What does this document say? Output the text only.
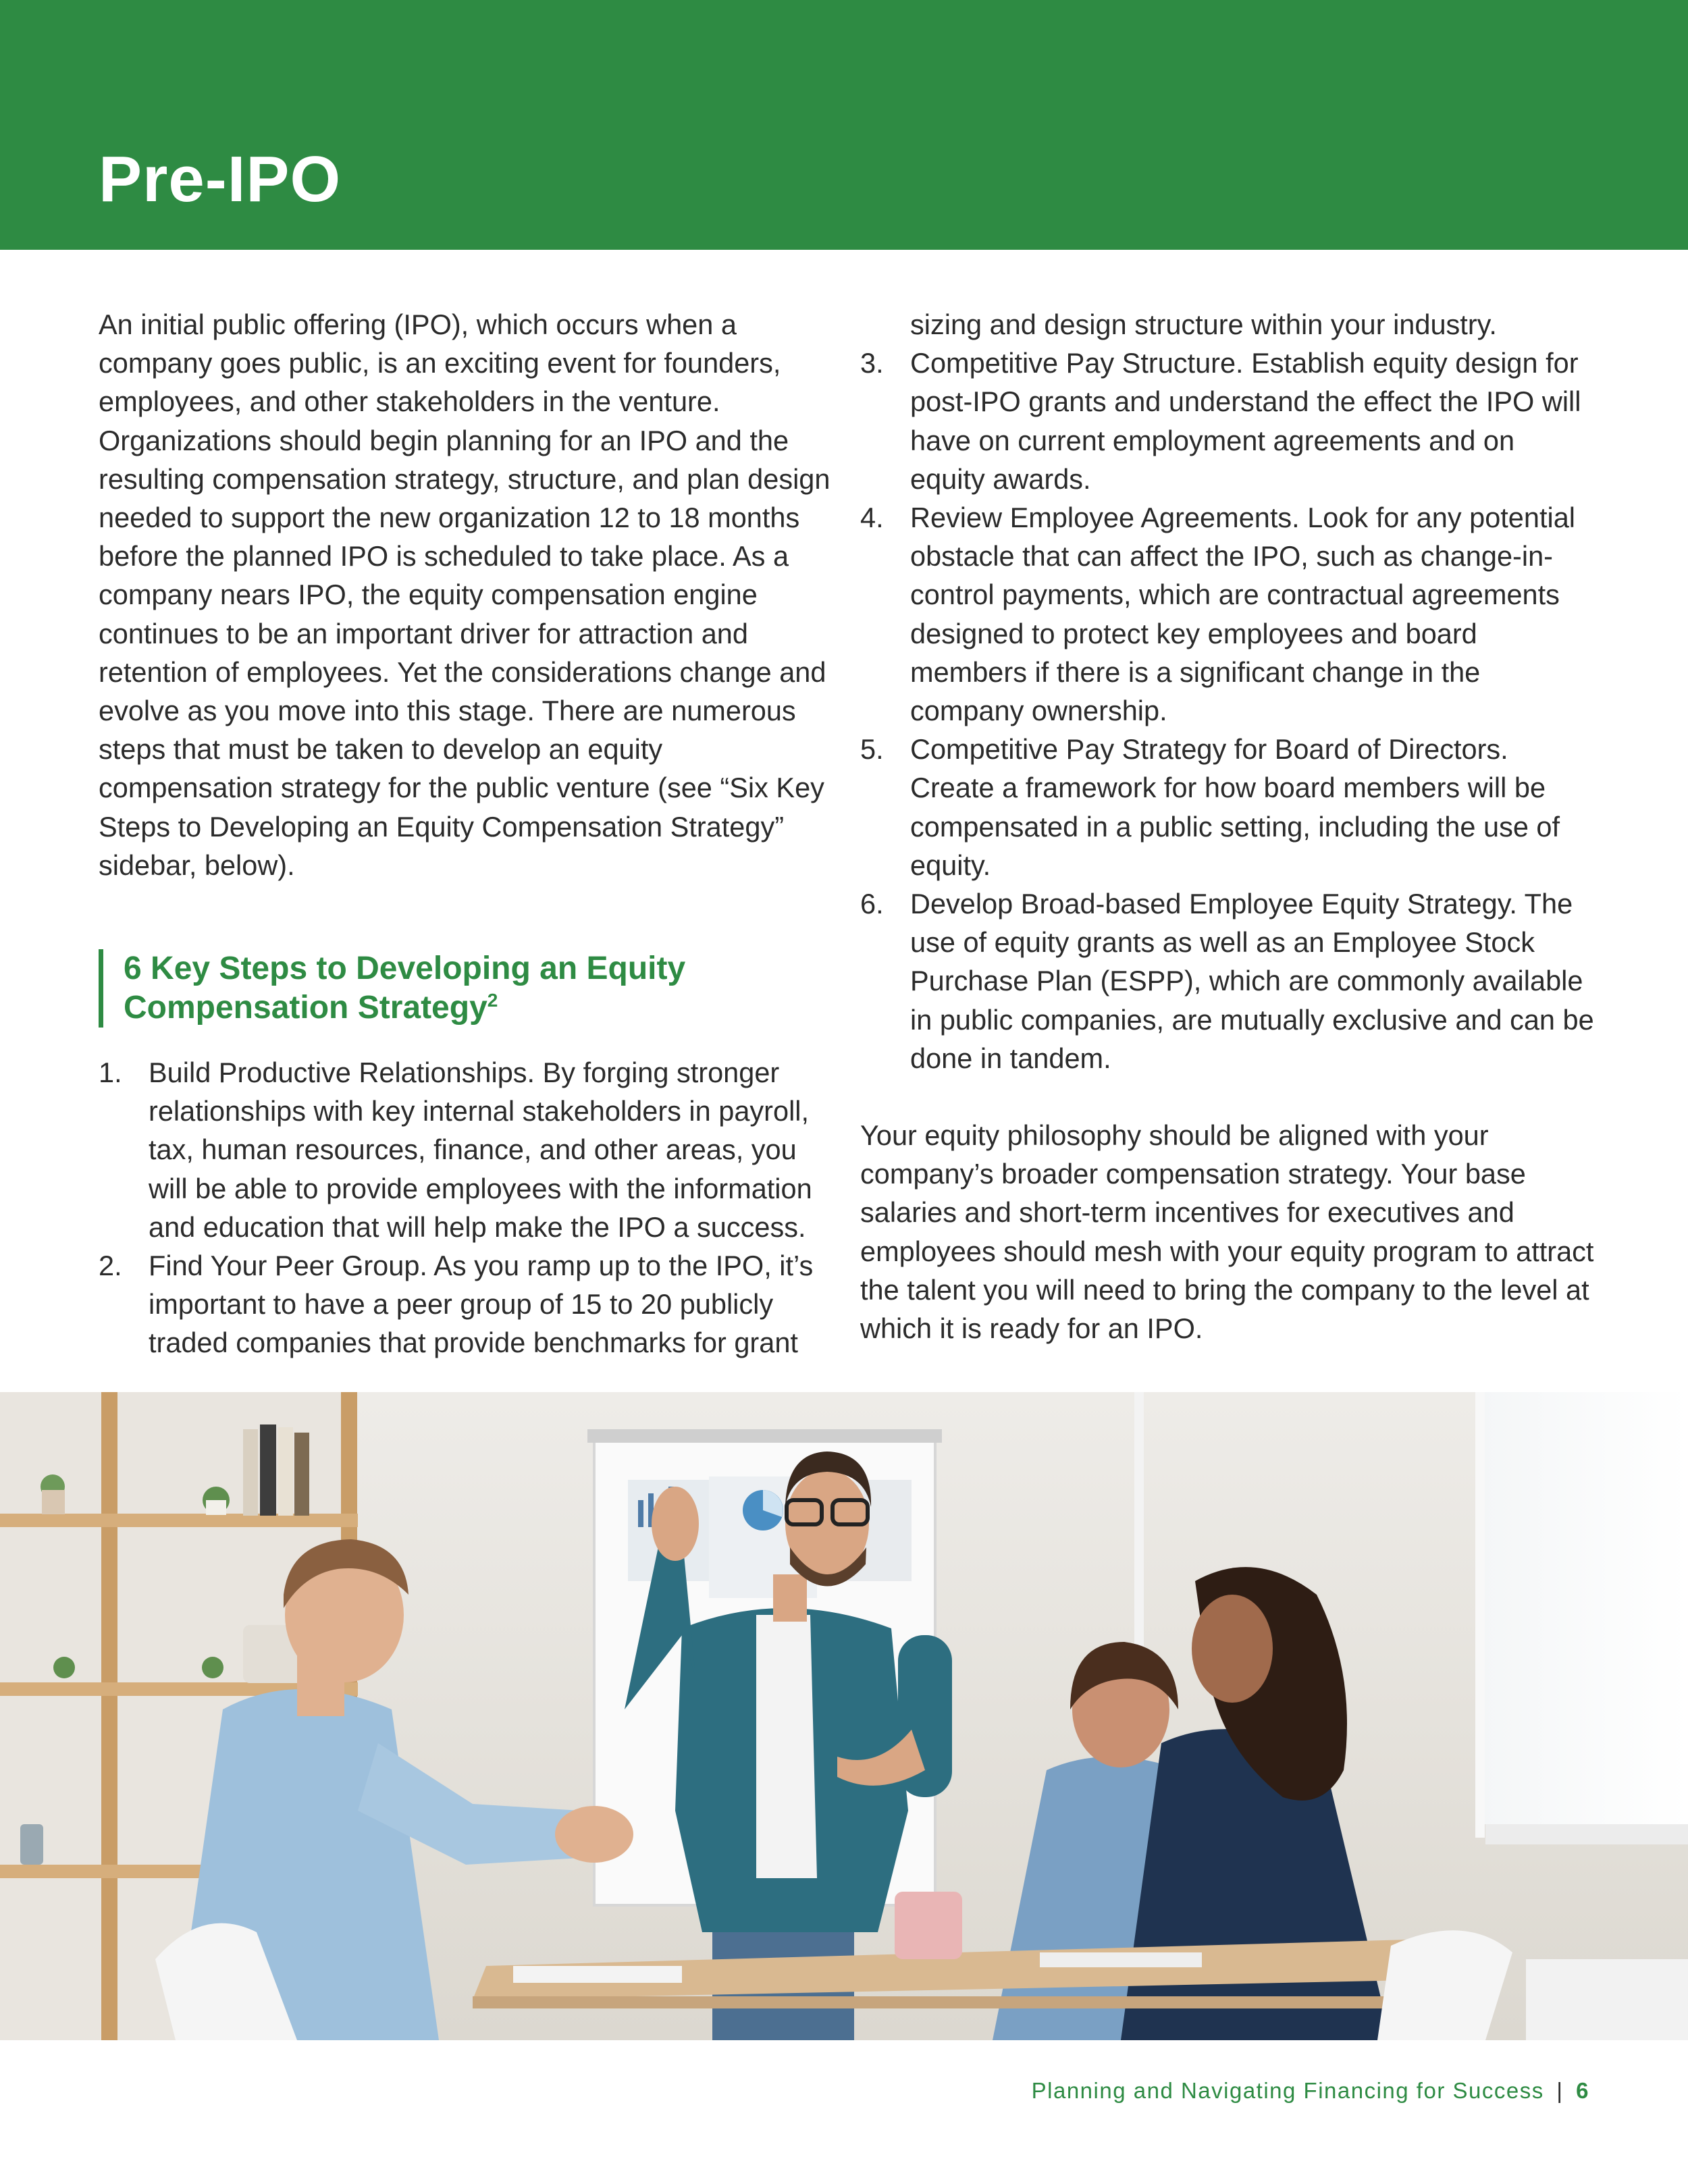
Pre-IPO

An initial public offering (IPO), which occurs when a company goes public, is an exciting event for founders, employees, and other stakeholders in the venture. Organizations should begin planning for an IPO and the resulting compensation strategy, structure, and plan design needed to support the new organization 12 to 18 months before the planned IPO is scheduled to take place. As a company nears IPO, the equity compensation engine continues to be an important driver for attraction and retention of employees. Yet the considerations change and evolve as you move into this stage. There are numerous steps that must be taken to develop an equity compensation strategy for the public venture (see “Six Key Steps to Developing an Equity Compensation Strategy” sidebar, below).

6 Key Steps to Developing an Equity Compensation Strategy$^2$
1. Build Productive Relationships. By forging stronger relationships with key internal stakeholders in payroll, tax, human resources, finance, and other areas, you will be able to provide employees with the information and education that will help make the IPO a success.
2. Find Your Peer Group. As you ramp up to the IPO, it’s important to have a peer group of 15 to 20 publicly traded companies that provide benchmarks for grant
sizing and design structure within your industry.
3. Competitive Pay Structure. Establish equity design for post-IPO grants and understand the effect the IPO will have on current employment agreements and on equity awards.
4. Review Employee Agreements. Look for any potential obstacle that can affect the IPO, such as change-in-control payments, which are contractual agreements designed to protect key employees and board members if there is a significant change in the company ownership.
5. Competitive Pay Strategy for Board of Directors. Create a framework for how board members will be compensated in a public setting, including the use of equity.
6. Develop Broad-based Employee Equity Strategy. The use of equity grants as well as an Employee Stock Purchase Plan (ESPP), which are commonly available in public companies, are mutually exclusive and can be done in tandem.

Your equity philosophy should be aligned with your company’s broader compensation strategy. Your base salaries and short-term incentives for executives and employees should mesh with your equity program to attract the talent you will need to bring the company to the level at which it is ready for an IPO.

Planning and Navigating Financing for Success | 6
